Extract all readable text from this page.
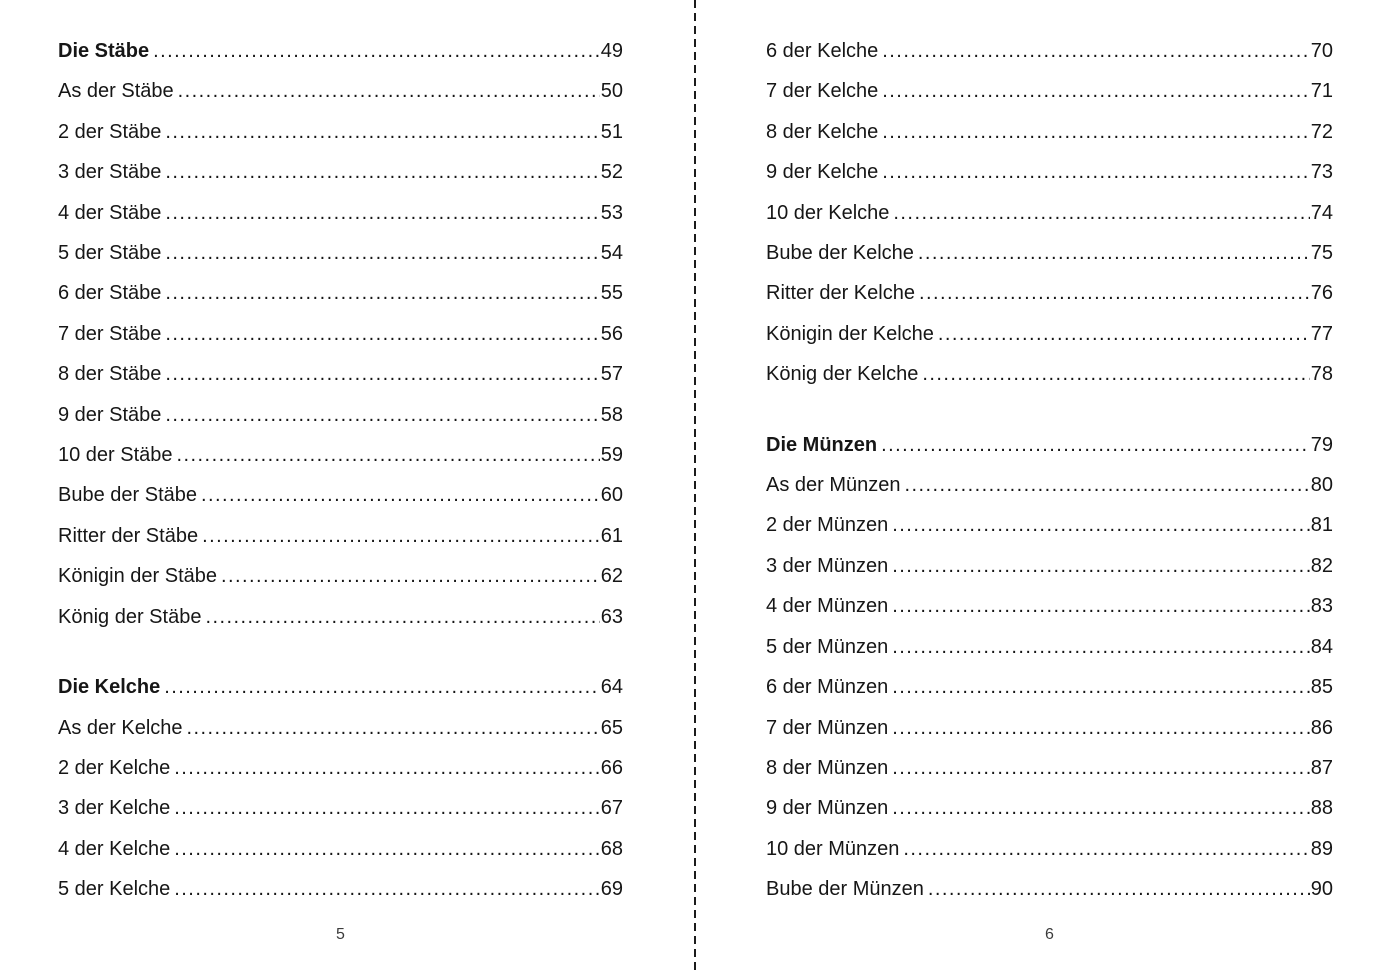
Die Stäbe .....	49
As der Stäbe .....	50
2 der Stäbe .....	51
3 der Stäbe .....	52
4 der Stäbe .....	53
5 der Stäbe .....	54
6 der Stäbe .....	55
7 der Stäbe .....	56
8 der Stäbe .....	57
9 der Stäbe .....	58
10 der Stäbe .....	59
Bube der Stäbe .....	60
Ritter der Stäbe .....	61
Königin der Stäbe .....	62
König der Stäbe .....	63
Die Kelche .....	64
As der Kelche .....	65
2 der Kelche .....	66
3 der Kelche .....	67
4 der Kelche .....	68
5 der Kelche .....	69
5
6 der Kelche .....	70
7 der Kelche .....	71
8 der Kelche .....	72
9 der Kelche .....	73
10 der Kelche .....	74
Bube der Kelche .....	75
Ritter der Kelche .....	76
Königin der Kelche .....	77
König der Kelche .....	78
Die Münzen .....	79
As der Münzen .....	80
2 der Münzen .....	81
3 der Münzen .....	82
4 der Münzen .....	83
5 der Münzen .....	84
6 der Münzen .....	85
7 der Münzen .....	86
8 der Münzen .....	87
9 der Münzen .....	88
10 der Münzen .....	89
Bube der Münzen .....	90
6
